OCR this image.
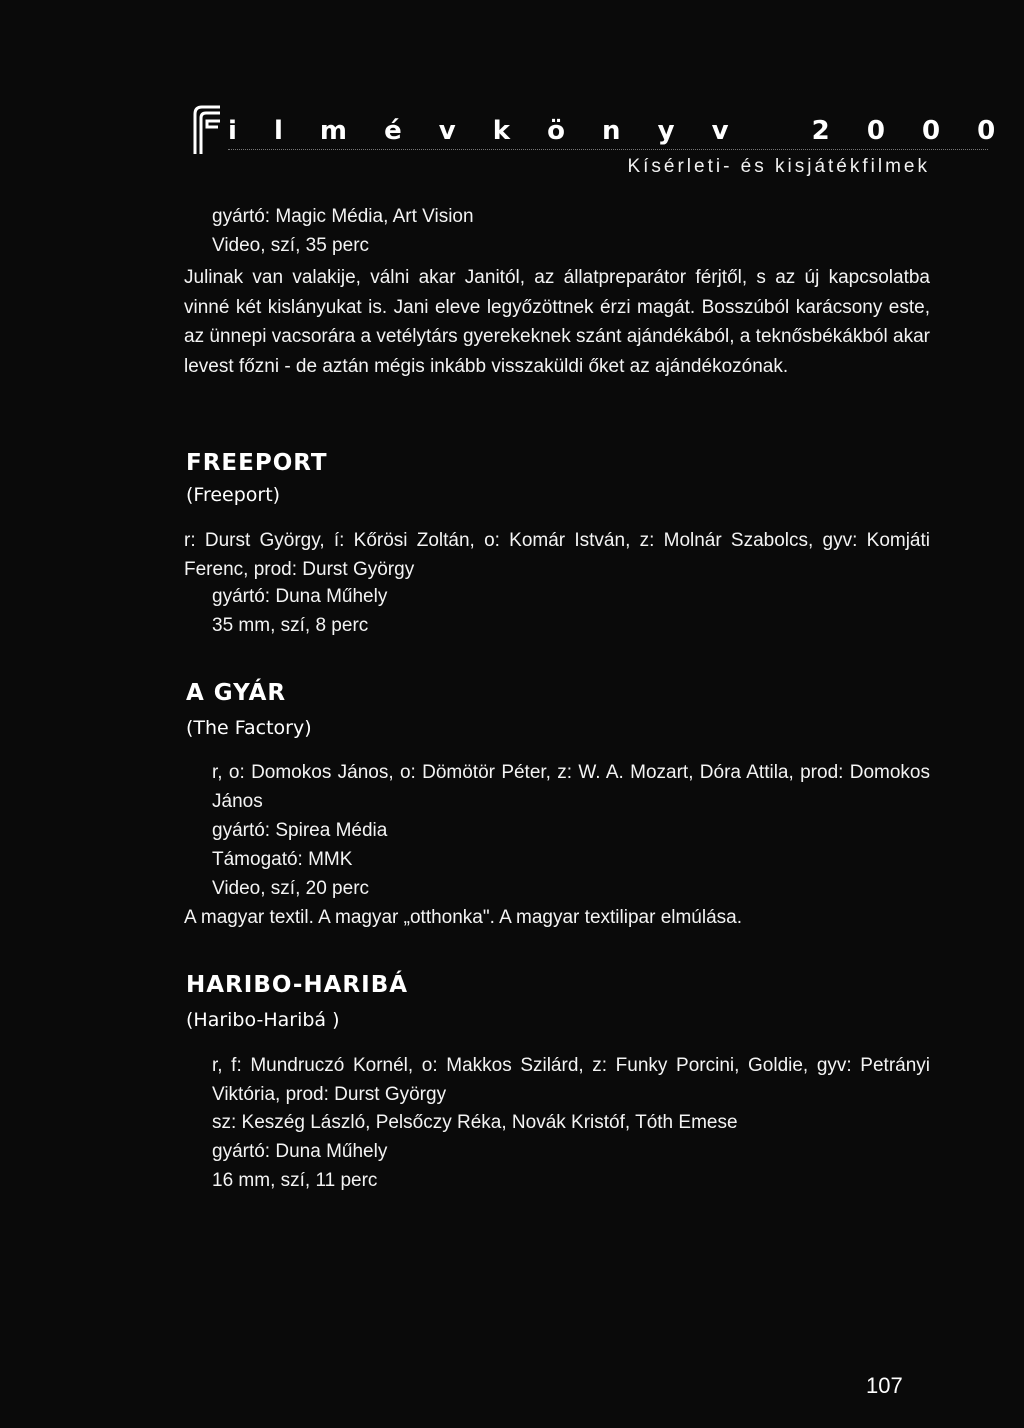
i l m é v k ö n y v   2 0 0 0
Kísérleti- és kisjátékfilmek
gyártó: Magic Média, Art Vision
Video, szí, 35 perc
Julinak van valakije, válni akar Janitól, az állatpreparátor férjtől, s az új kapcsolatba vinné két kislányukat is. Jani eleve legyőzöttnek érzi magát. Bosszúból karácsony este, az ünnepi vacsorára a vetélytárs gyerekeknek szánt ajándékából, a teknősbékákból akar levest főzni - de aztán mégis inkább visszaküldi őket az ajándékozónak.
FREEPORT
(Freeport)
r: Durst György, í: Kőrösi Zoltán, o: Komár István, z: Molnár Szabolcs, gyv: Komjáti Ferenc, prod: Durst György
gyártó: Duna Műhely
35 mm, szí, 8 perc
A GYÁR
(The Factory)
r, o: Domokos János, o: Dömötör Péter, z: W. A. Mozart, Dóra Attila, prod: Domokos János
gyártó: Spirea Média
Támogató: MMK
Video, szí, 20 perc
A magyar textil. A magyar „otthonka". A magyar textilipar elmúlása.
HARIBO-HARIBÁ
(Haribo-Haribá )
r, f: Mundruczó Kornél, o: Makkos Szilárd, z: Funky Porcini, Goldie, gyv: Petrányi Viktória, prod: Durst György
sz: Keszég László, Pelsőczy Réka, Novák Kristóf, Tóth Emese
gyártó: Duna Műhely
16 mm, szí, 11 perc
107
